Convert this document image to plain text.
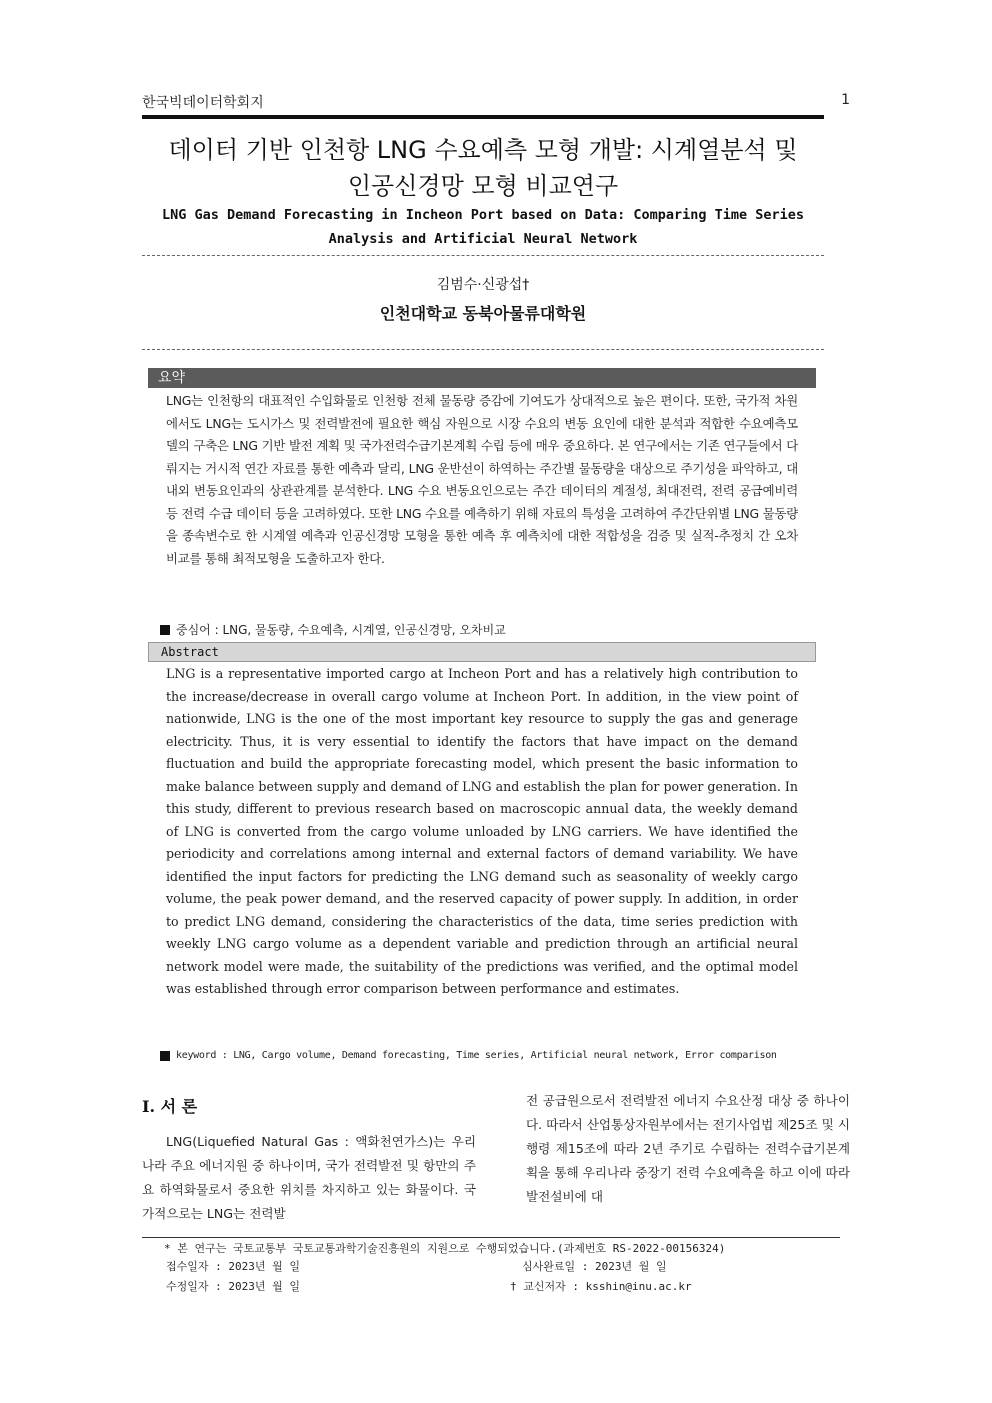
한국빅데이터학회지	1
데이터 기반 인천항 LNG 수요예측 모형 개발: 시계열분석 및
인공신경망 모형 비교연구
LNG Gas Demand Forecasting in Incheon Port based on Data: Comparing Time Series
Analysis and Artificial Neural Network
김범수·신광섭†
인천대학교 동북아물류대학원
요약
LNG는 인천항의 대표적인 수입화물로 인천항 전체 물동량 증감에 기여도가 상대적으로 높은 편이다. 또한, 국가적 차원에서도 LNG는 도시가스 및 전력발전에 필요한 핵심 자원으로 시장 수요의 변동 요인에 대한 분석과 적합한 수요예측모델의 구축은 LNG 기반 발전 계획 및 국가전력수급기본계획 수립 등에 매우 중요하다. 본 연구에서는 기존 연구들에서 다뤄지는 거시적 연간 자료를 통한 예측과 달리, LNG 운반선이 하역하는 주간별 물동량을 대상으로 주기성을 파악하고, 대내외 변동요인과의 상관관계를 분석한다. LNG 수요 변동요인으로는 주간 데이터의 계절성, 최대전력, 전력 공급예비력 등 전력 수급 데이터 등을 고려하였다. 또한 LNG 수요를 예측하기 위해 자료의 특성을 고려하여 주간단위별 LNG 물동량을 종속변수로 한 시계열 예측과 인공신경망 모형을 통한 예측 후 예측치에 대한 적합성을 검증 및 실적-추정치 간 오차비교를 통해 최적모형을 도출하고자 한다.
중심어 : LNG, 물동량, 수요예측, 시계열, 인공신경망, 오차비교
Abstract
LNG is a representative imported cargo at Incheon Port and has a relatively high contribution to the increase/decrease in overall cargo volume at Incheon Port. In addition, in the view point of nationwide, LNG is the one of the most important key resource to supply the gas and generage electricity. Thus, it is very essential to identify the factors that have impact on the demand fluctuation and build the appropriate forecasting model, which present the basic information to make balance between supply and demand of LNG and establish the plan for power generation. In this study, different to previous research based on macroscopic annual data, the weekly demand of LNG is converted from the cargo volume unloaded by LNG carriers. We have identified the periodicity and correlations among internal and external factors of demand variability. We have identified the input factors for predicting the LNG demand such as seasonality of weekly cargo volume, the peak power demand, and the reserved capacity of power supply. In addition, in order to predict LNG demand, considering the characteristics of the data, time series prediction with weekly LNG cargo volume as a dependent variable and prediction through an artificial neural network model were made, the suitability of the predictions was verified, and the optimal model was established through error comparison between performance and estimates.
keyword : LNG, Cargo volume, Demand forecasting, Time series, Artificial neural network, Error comparison
I. 서 론
LNG(Liquefied Natural Gas : 액화천연가스)는 우리나라 주요 에너지원 중 하나이며, 국가 전력발전 및 항만의 주요 하역화물로서 중요한 위치를 차지하고 있는 화물이다. 국가적으로는 LNG는 전력발
전 공급원으로서 전력발전 에너지 수요산정 대상 중 하나이다. 따라서 산업통상자원부에서는 전기사업법 제25조 및 시행령 제15조에 따라 2년 주기로 수립하는 전력수급기본계획을 통해 우리나라 중장기 전력 수요예측을 하고 이에 따라 발전설비에 대
* 본 연구는 국토교통부 국토교통과학기술진흥원의 지원으로 수행되었습니다.(과제번호 RS-2022-00156324)
접수일자 : 2023년 월 일	심사완료일 : 2023년 월 일
수정일자 : 2023년 월 일	† 교신저자 : ksshin@inu.ac.kr
